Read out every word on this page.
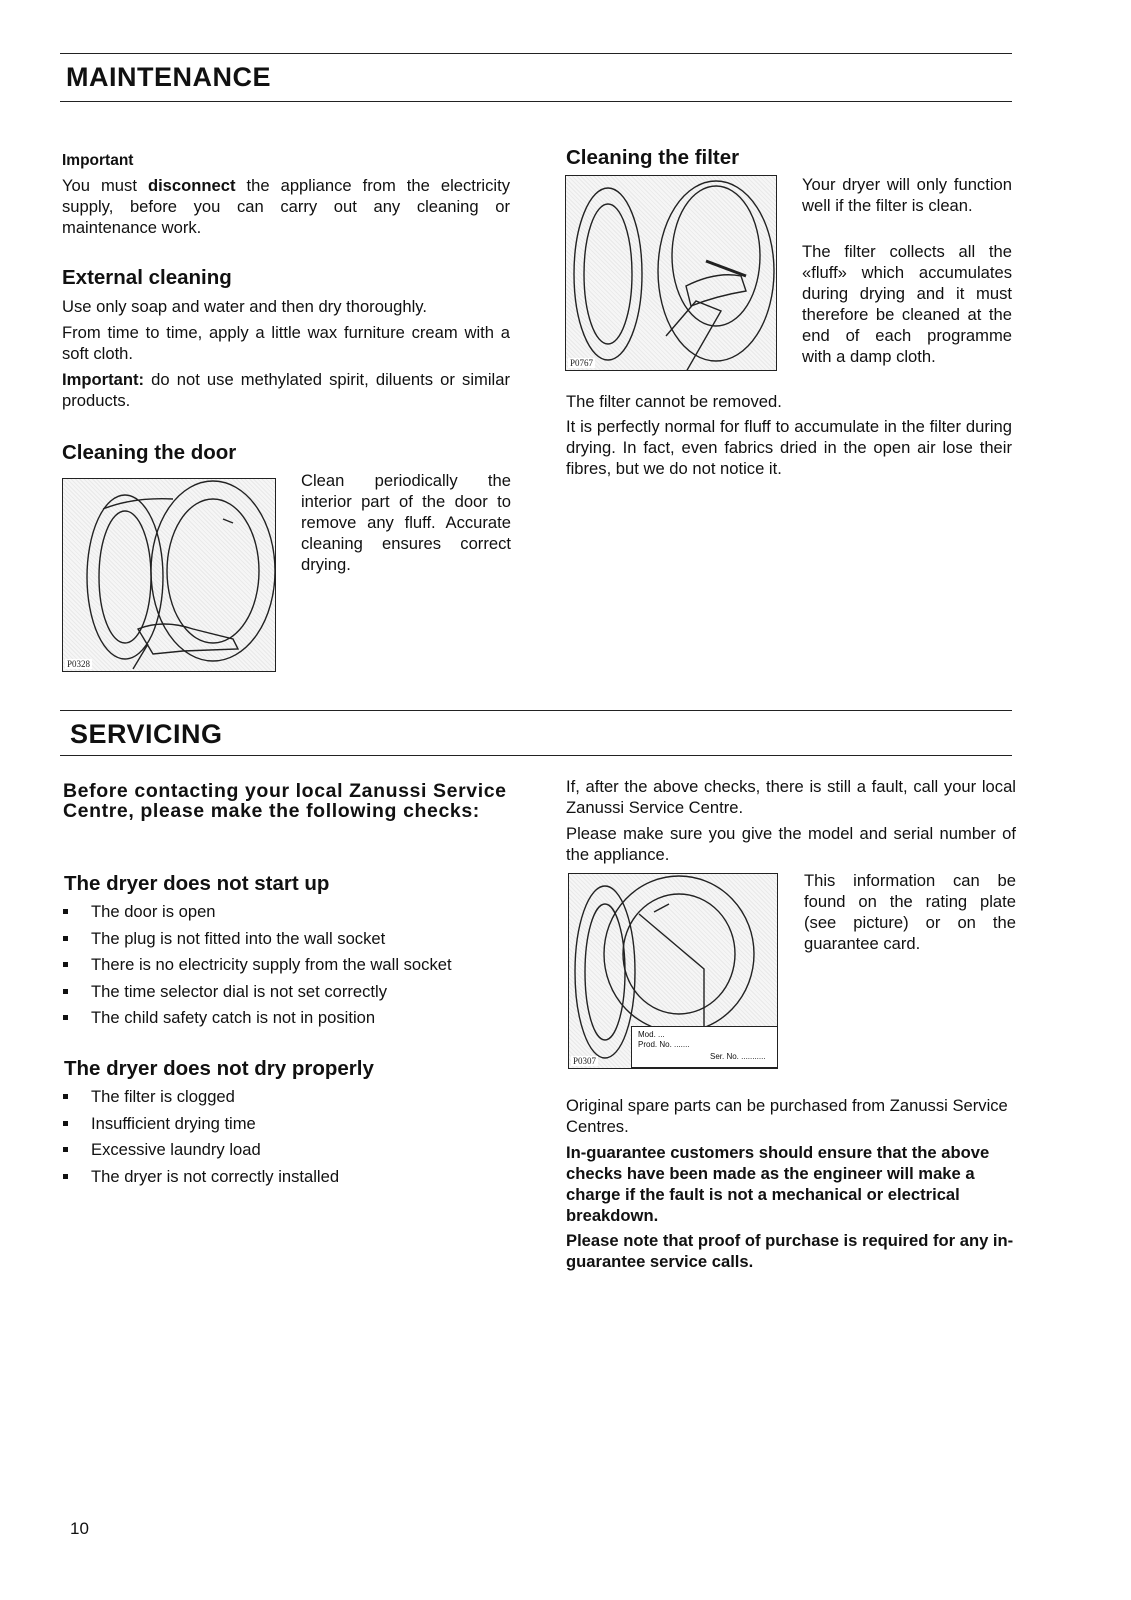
MAINTENANCE
Important

You must disconnect the appliance from the electricity supply, before you can carry out any cleaning or maintenance work.

External cleaning

Use only soap and water and then dry thoroughly.

From time to time, apply a little wax furniture cream with a soft cloth.

Important: do not use methylated spirit, diluents or similar products.

Cleaning the door
P0328

Clean periodically the interior part of the door to remove any fluff. Accurate cleaning ensures correct drying.

Cleaning the filter
P0767

Your dryer will only function well if the filter is clean.

The filter collects all the «fluff» which accumulates during drying and it must therefore be cleaned at the end of each programme with a damp cloth.

The filter cannot be removed.

It is perfectly normal for fluff to accumulate in the filter during drying. In fact, even fabrics dried in the open air lose their fibres, but we do not notice it.

SERVICING

Before contacting your local Zanussi Service Centre, please make the following checks:

The dryer does not start up
The door is open
The plug is not fitted into the wall socket
There is no electricity supply from the wall socket
The time selector dial is not set correctly
The child safety catch is not in position
The dryer does not dry properly
The filter is clogged
Insufficient drying time
Excessive laundry load
The dryer is not correctly installed

If, after the above checks, there is still a fault, call your local Zanussi Service Centre.

Please make sure you give the model and serial number of the appliance.

Mod. ...
Prod. No. .......
Ser. No. ...........
P0307

This information can be found on the rating plate (see picture) or on the guarantee card.

Original spare parts can be purchased from Zanussi Service Centres.

In-guarantee customers should ensure that the above checks have been made as the engineer will make a charge if the fault is not a mechanical or electrical breakdown.

Please note that proof of purchase is required for any in-guarantee service calls.

10
